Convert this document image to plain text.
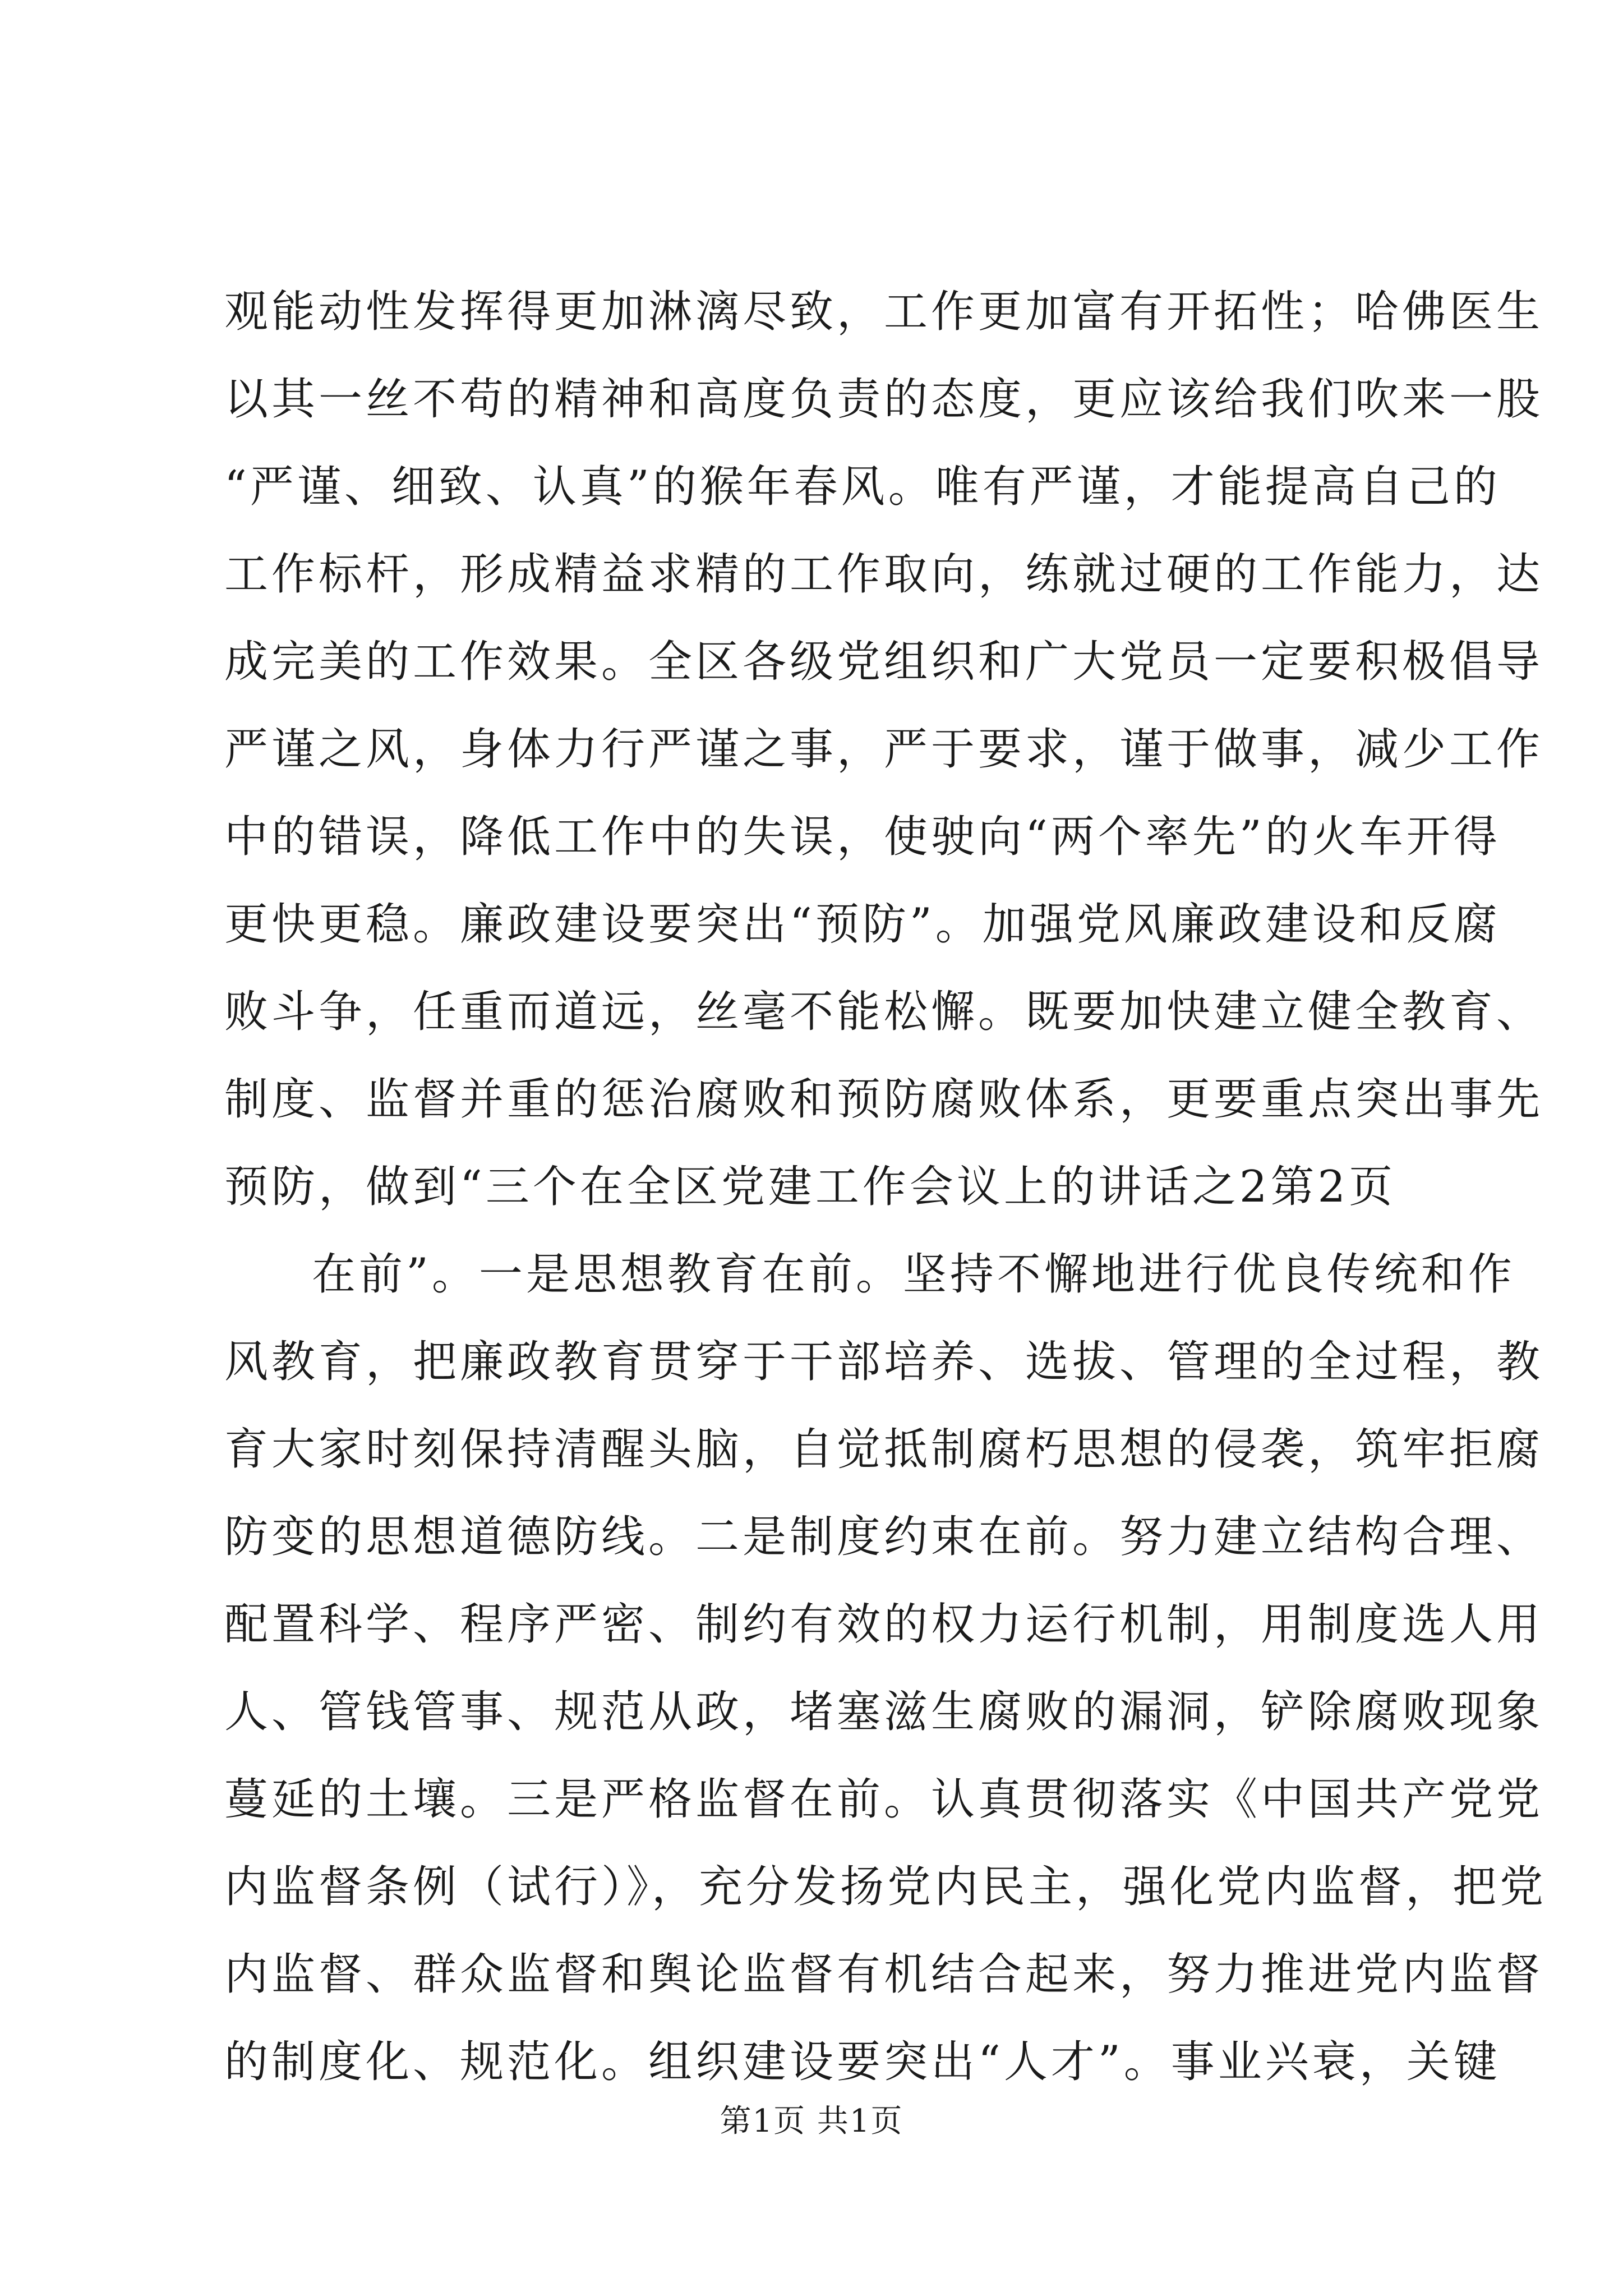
观能动性发挥得更加淋漓尽致，工作更加富有开拓性；哈佛医生
以其一丝不苟的精神和高度负责的态度，更应该给我们吹来一股
“严谨、细致、认真”的猴年春风。唯有严谨，才能提高自己的
工作标杆，形成精益求精的工作取向，练就过硬的工作能力，达
成完美的工作效果。全区各级党组织和广大党员一定要积极倡导
严谨之风，身体力行严谨之事，严于要求，谨于做事，减少工作
中的错误，降低工作中的失误，使驶向“两个率先”的火车开得
更快更稳。廉政建设要突出“预防”。加强党风廉政建设和反腐
败斗争，任重而道远，丝毫不能松懈。既要加快建立健全教育、
制度、监督并重的惩治腐败和预防腐败体系，更要重点突出事先
预防，做到“三个在全区党建工作会议上的讲话之2第2页
在前”。一是思想教育在前。坚持不懈地进行优良传统和作
风教育，把廉政教育贯穿于干部培养、选拔、管理的全过程，教
育大家时刻保持清醒头脑，自觉抵制腐朽思想的侵袭，筑牢拒腐
防变的思想道德防线。二是制度约束在前。努力建立结构合理、
配置科学、程序严密、制约有效的权力运行机制，用制度选人用
人、管钱管事、规范从政，堵塞滋生腐败的漏洞，铲除腐败现象
蔓延的土壤。三是严格监督在前。认真贯彻落实《中国共产党党
内监督条例（试行）》，充分发扬党内民主，强化党内监督，把党
内监督、群众监督和舆论监督有机结合起来，努力推进党内监督
的制度化、规范化。组织建设要突出“人才”。事业兴衰，关键
第1页 共1页
